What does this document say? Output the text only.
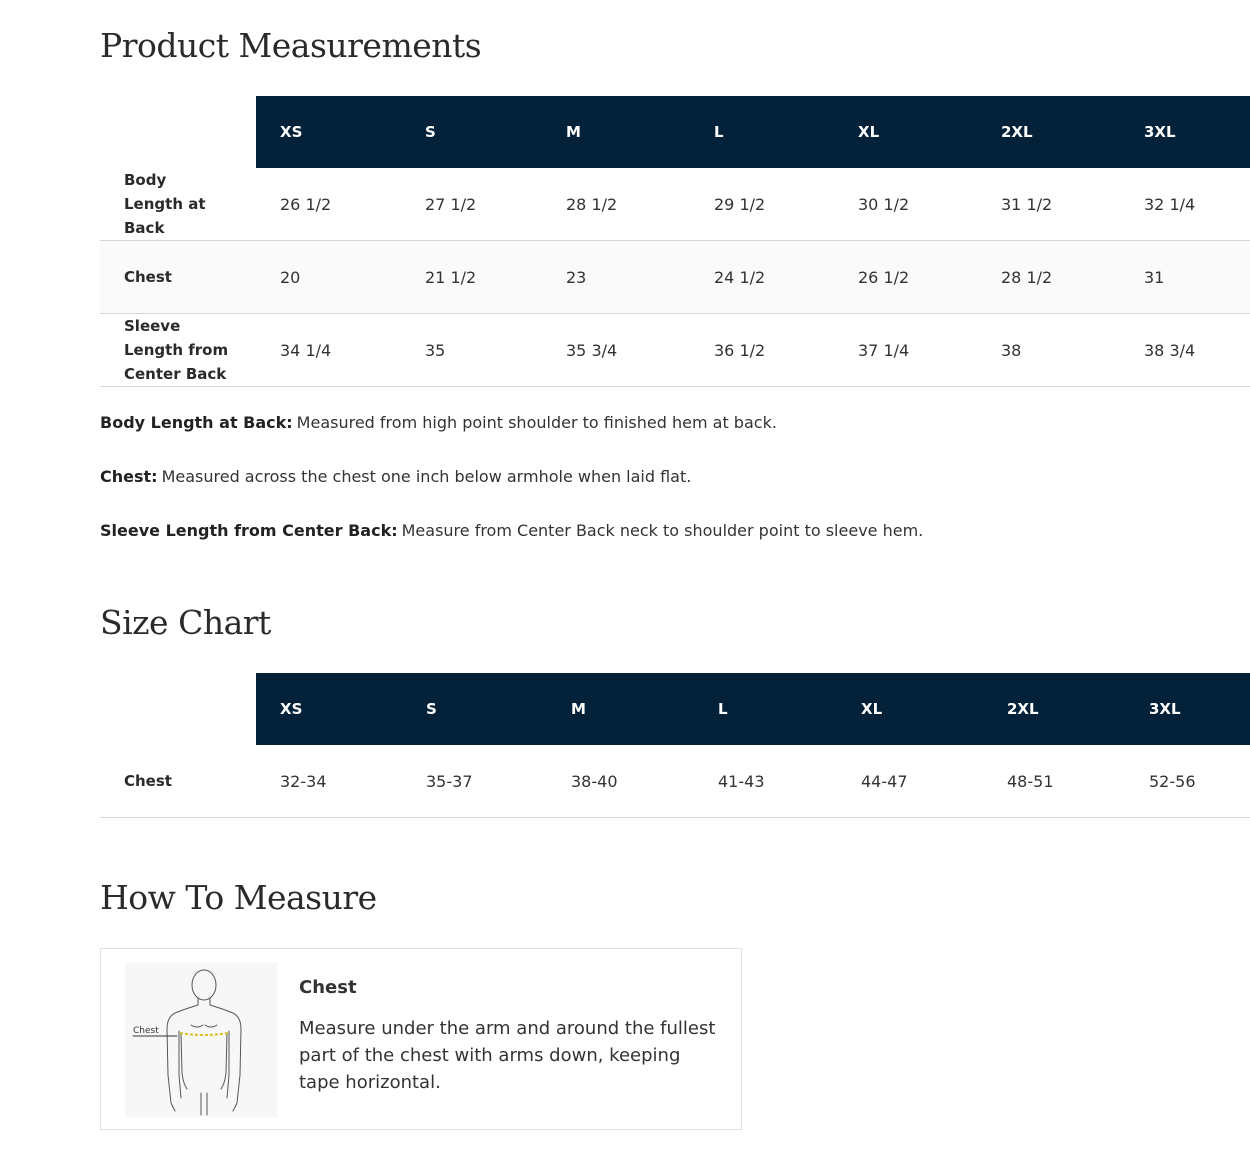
Product Measurements
	XS	S	M	L	XL	2XL	3XL
Body Length at Back	26 1/2	27 1/2	28 1/2	29 1/2	30 1/2	31 1/2	32 1/4
Chest	20	21 1/2	23	24 1/2	26 1/2	28 1/2	31
Sleeve Length from Center Back	34 1/4	35	35 3/4	36 1/2	37 1/4	38	38 3/4

Body Length at Back: Measured from high point shoulder to finished hem at back.

Chest: Measured across the chest one inch below armhole when laid flat.

Sleeve Length from Center Back: Measure from Center Back neck to shoulder point to sleeve hem.

Size Chart
	XS	S	M	L	XL	2XL	3XL
Chest	32-34	35-37	38-40	41-43	44-47	48-51	52-56
How To Measure
Chest
Chest
Measure under the arm and around the fullest part of the chest with arms down, keeping tape horizontal.
